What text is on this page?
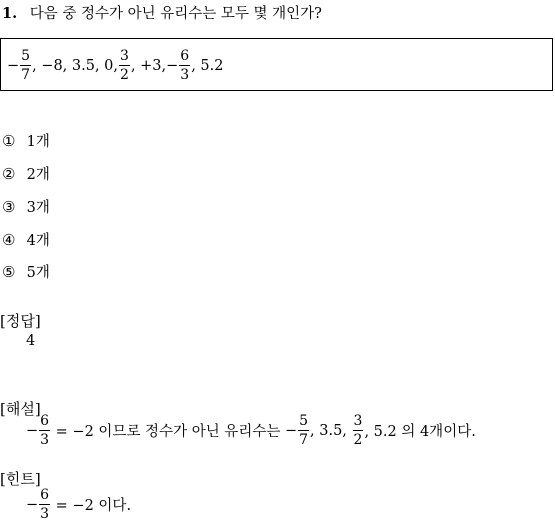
1. 다음 중 정수가 아닌 유리수는 모두 몇 개인가?
− $\frac{5}{7}$ , −8, 3.5, 0, $\frac{3}{2}$ , +3, − $\frac{6}{3}$ , 5.2
① 1개
② 2개
③ 3개
④ 4개
⑤ 5개
[정답]
4
[해설]
− $\frac{6}{3} = -2$ 이므로 정수가 아닌 유리수는 − $\frac{5}{7}$ , 3.5, $\frac{3}{2}$ , 5.2 의 4개이다.
[힌트]
− $\frac{6}{3} = -2$ 이다.
